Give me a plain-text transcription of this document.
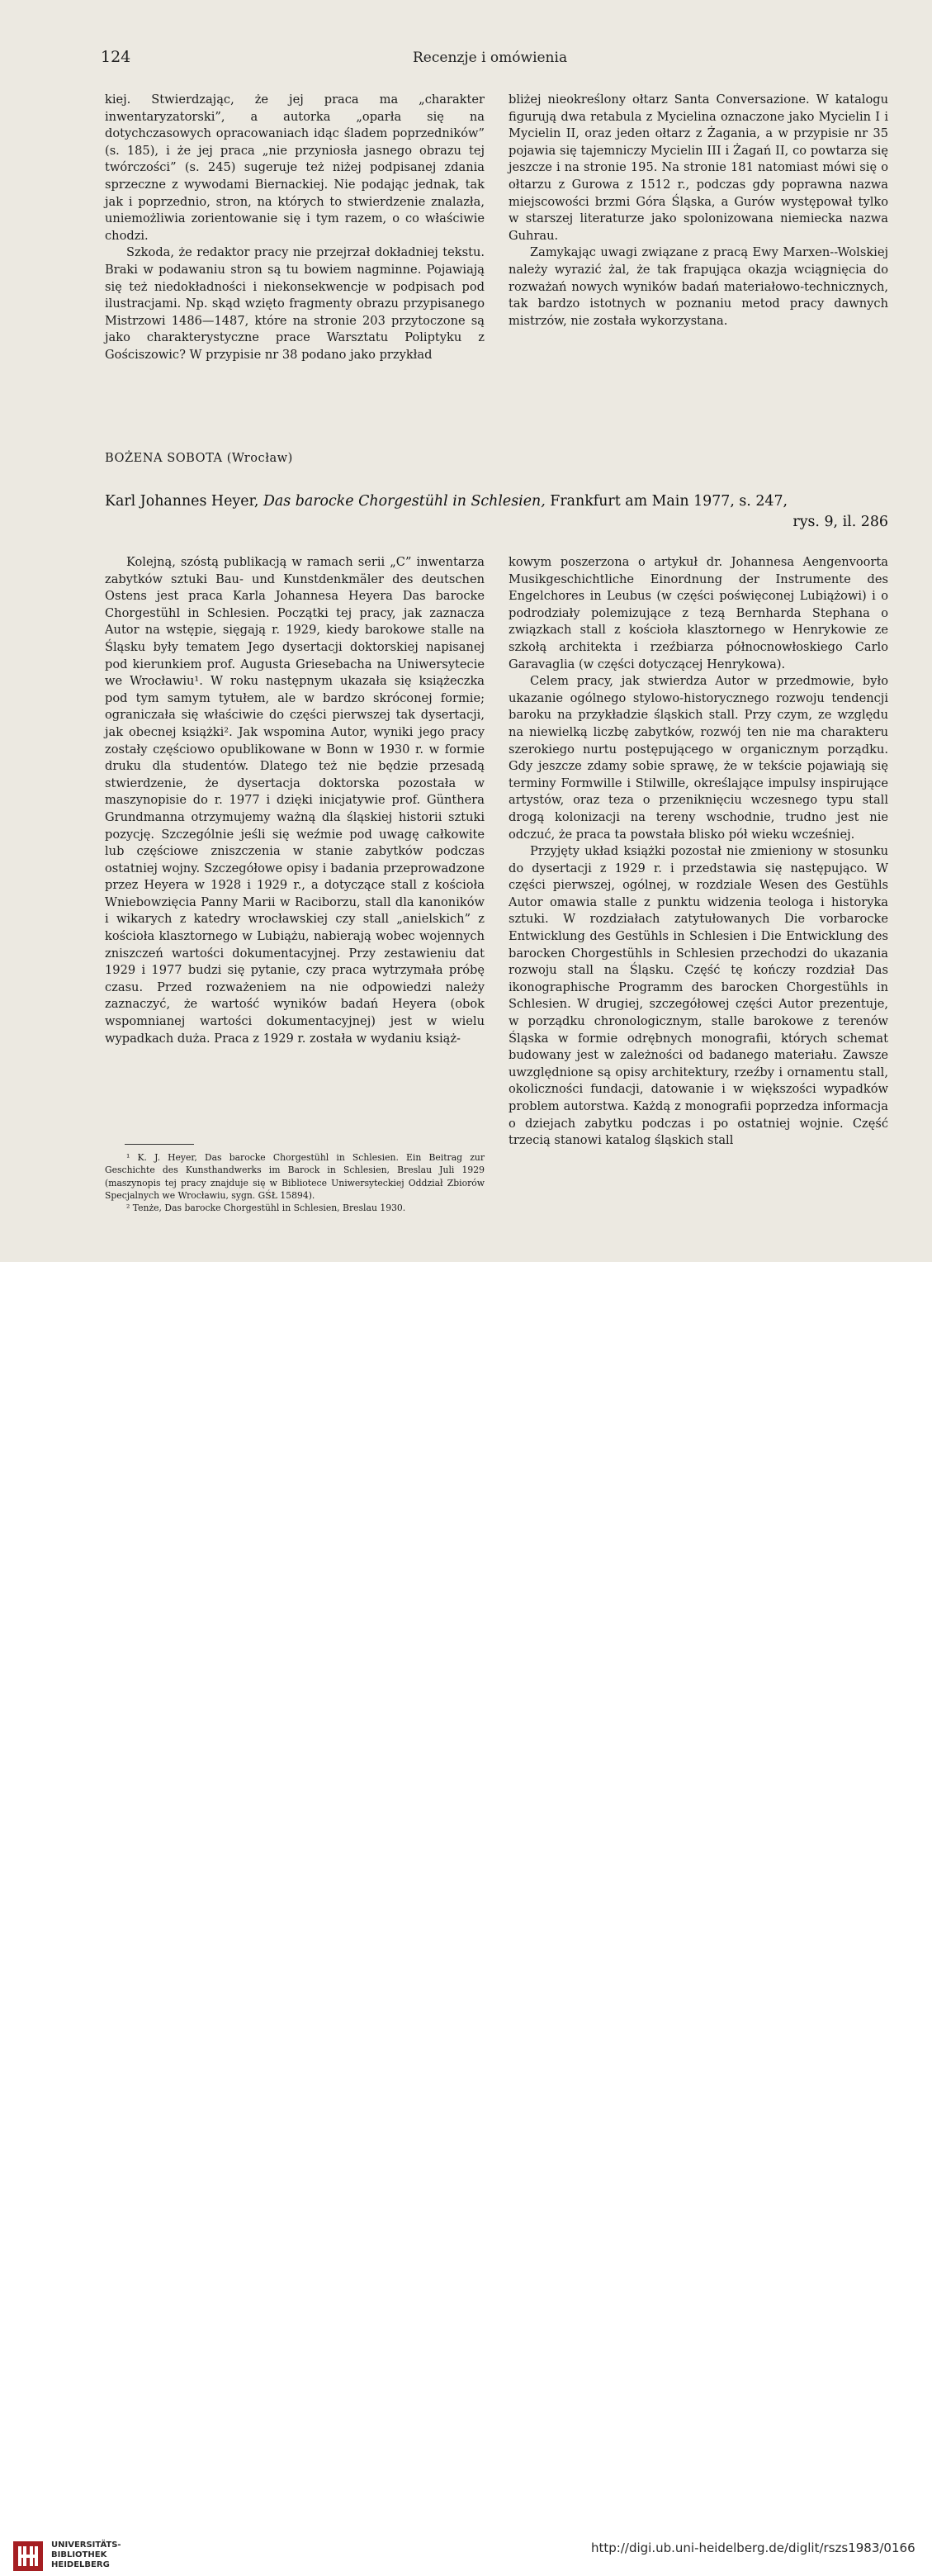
124	Recenzje i omówienia

kiej. Stwierdzając, że jej praca ma „charakter inwentaryzatorski”, a autorka „oparła się na dotychczasowych opracowaniach idąc śladem poprzedników” (s. 185), i że jej praca „nie przyniosła jasnego obrazu tej twórczości” (s. 245) sugeruje też niżej podpisanej zdania sprzeczne z wywodami Biernackiej. Nie podając jednak, tak jak i poprzednio, stron, na których to stwierdzenie znalazła, uniemożliwia zorientowanie się i tym razem, o co właściwie chodzi.

Szkoda, że redaktor pracy nie przejrzał dokładniej tekstu. Braki w podawaniu stron są tu bowiem nagminne. Pojawiają się też niedokładności i niekonsekwencje w podpisach pod ilustracjami. Np. skąd wzięto fragmenty obrazu przypisanego Mistrzowi 1486—1487, które na stronie 203 przytoczone są jako charakterystyczne prace Warsztatu Poliptyku z Gościszowic? W przypisie nr 38 podano jako przykład

bliżej nieokreślony ołtarz Santa Conversazione. W katalogu figurują dwa retabula z Mycielina oznaczone jako Mycielin I i Mycielin II, oraz jeden ołtarz z Żagania, a w przypisie nr 35 pojawia się tajemniczy Mycielin III i Żagań II, co powtarza się jeszcze i na stronie 195. Na stronie 181 natomiast mówi się o ołtarzu z Gurowa z 1512 r., podczas gdy poprawna nazwa miejscowości brzmi Góra Śląska, a Gurów występował tylko w starszej literaturze jako spolonizowana niemiecka nazwa Guhrau.

Zamykając uwagi związane z pracą Ewy Marxen--Wolskiej należy wyrazić żal, że tak frapująca okazja wciągnięcia do rozważań nowych wyników badań materiałowo-technicznych, tak bardzo istotnych w poznaniu metod pracy dawnych mistrzów, nie została wykorzystana.

BOŻENA SOBOTA (Wrocław)
Karl Johannes Heyer, Das barocke Chorgestühl in Schlesien, Frankfurt am Main 1977, s. 247,
rys. 9, il. 286

Kolejną, szóstą publikacją w ramach serii „C” inwentarza zabytków sztuki Bau- und Kunstdenkmäler des deutschen Ostens jest praca Karla Johannesa Heyera Das barocke Chorgestühl in Schlesien. Początki tej pracy, jak zaznacza Autor na wstępie, sięgają r. 1929, kiedy barokowe stalle na Śląsku były tematem Jego dysertacji doktorskiej napisanej pod kierunkiem prof. Augusta Griesebacha na Uniwersytecie we Wrocławiu¹. W roku następnym ukazała się książeczka pod tym samym tytułem, ale w bardzo skróconej formie; ograniczała się właściwie do części pierwszej tak dysertacji, jak obecnej książki². Jak wspomina Autor, wyniki jego pracy zostały częściowo opublikowane w Bonn w 1930 r. w formie druku dla studentów. Dlatego też nie będzie przesadą stwierdzenie, że dysertacja doktorska pozostała w maszynopisie do r. 1977 i dzięki inicjatywie prof. Günthera Grundmanna otrzymujemy ważną dla śląskiej historii sztuki pozycję. Szczególnie jeśli się weźmie pod uwagę całkowite lub częściowe zniszczenia w stanie zabytków podczas ostatniej wojny. Szczegółowe opisy i badania przeprowadzone przez Heyera w 1928 i 1929 r., a dotyczące stall z kościoła Wniebowzięcia Panny Marii w Raciborzu, stall dla kanoników i wikarych z katedry wrocławskiej czy stall „anielskich” z kościoła klasztornego w Lubiążu, nabierają wobec wojennych zniszczeń wartości dokumentacyjnej. Przy zestawieniu dat 1929 i 1977 budzi się pytanie, czy praca wytrzymała próbę czasu. Przed rozważeniem na nie odpowiedzi należy zaznaczyć, że wartość wyników badań Heyera (obok wspomnianej wartości dokumentacyjnej) jest w wielu wypadkach duża. Praca z 1929 r. została w wydaniu książ-

kowym poszerzona o artykuł dr. Johannesa Aengenvoorta Musikgeschichtliche Einordnung der Instrumente des Engelchores in Leubus (w części poświęconej Lubiążowi) i o podrodziały polemizujące z tezą Bernharda Stephana o związkach stall z kościoła klasztornego w Henrykowie ze szkołą architekta i rzeźbiarza północnowłoskiego Carlo Garavaglia (w części dotyczącej Henrykowa).

Celem pracy, jak stwierdza Autor w przedmowie, było ukazanie ogólnego stylowo-historycznego rozwoju tendencji baroku na przykładzie śląskich stall. Przy czym, ze względu na niewielką liczbę zabytków, rozwój ten nie ma charakteru szerokiego nurtu postępującego w organicznym porządku. Gdy jeszcze zdamy sobie sprawę, że w tekście pojawiają się terminy Formwille i Stilwille, określające impulsy inspirujące artystów, oraz teza o przeniknięciu wczesnego typu stall drogą kolonizacji na tereny wschodnie, trudno jest nie odczuć, że praca ta powstała blisko pół wieku wcześniej.

Przyjęty układ książki pozostał nie zmieniony w stosunku do dysertacji z 1929 r. i przedstawia się następująco. W części pierwszej, ogólnej, w rozdziale Wesen des Gestühls Autor omawia stalle z punktu widzenia teologa i historyka sztuki. W rozdziałach zatytułowanych Die vorbarocke Entwicklung des Gestühls in Schlesien i Die Entwicklung des barocken Chorgestühls in Schlesien przechodzi do ukazania rozwoju stall na Śląsku. Część tę kończy rozdział Das ikonographische Programm des barocken Chorgestühls in Schlesien. W drugiej, szczegółowej części Autor prezentuje, w porządku chronologicznym, stalle barokowe z terenów Śląska w formie odrębnych monografii, których schemat budowany jest w zależności od badanego materiału. Zawsze uwzględnione są opisy architektury, rzeźby i ornamentu stall, okoliczności fundacji, datowanie i w większości wypadków problem autorstwa. Każdą z monografii poprzedza informacja o dziejach zabytku podczas i po ostatniej wojnie. Część trzecią stanowi katalog śląskich stall

¹ K. J. Heyer, Das barocke Chorgestühl in Schlesien. Ein Beitrag zur Geschichte des Kunsthandwerks im Barock in Schlesien, Breslau Juli 1929 (maszynopis tej pracy znajduje się w Bibliotece Uniwersyteckiej Oddział Zbiorów Specjalnych we Wrocławiu, sygn. GŚŁ 15894).

² Tenże, Das barocke Chorgestühl in Schlesien, Breslau 1930.

UNIVERSITÄTS-
BIBLIOTHEK
HEIDELBERG
http://digi.ub.uni-heidelberg.de/diglit/rszs1983/0166
